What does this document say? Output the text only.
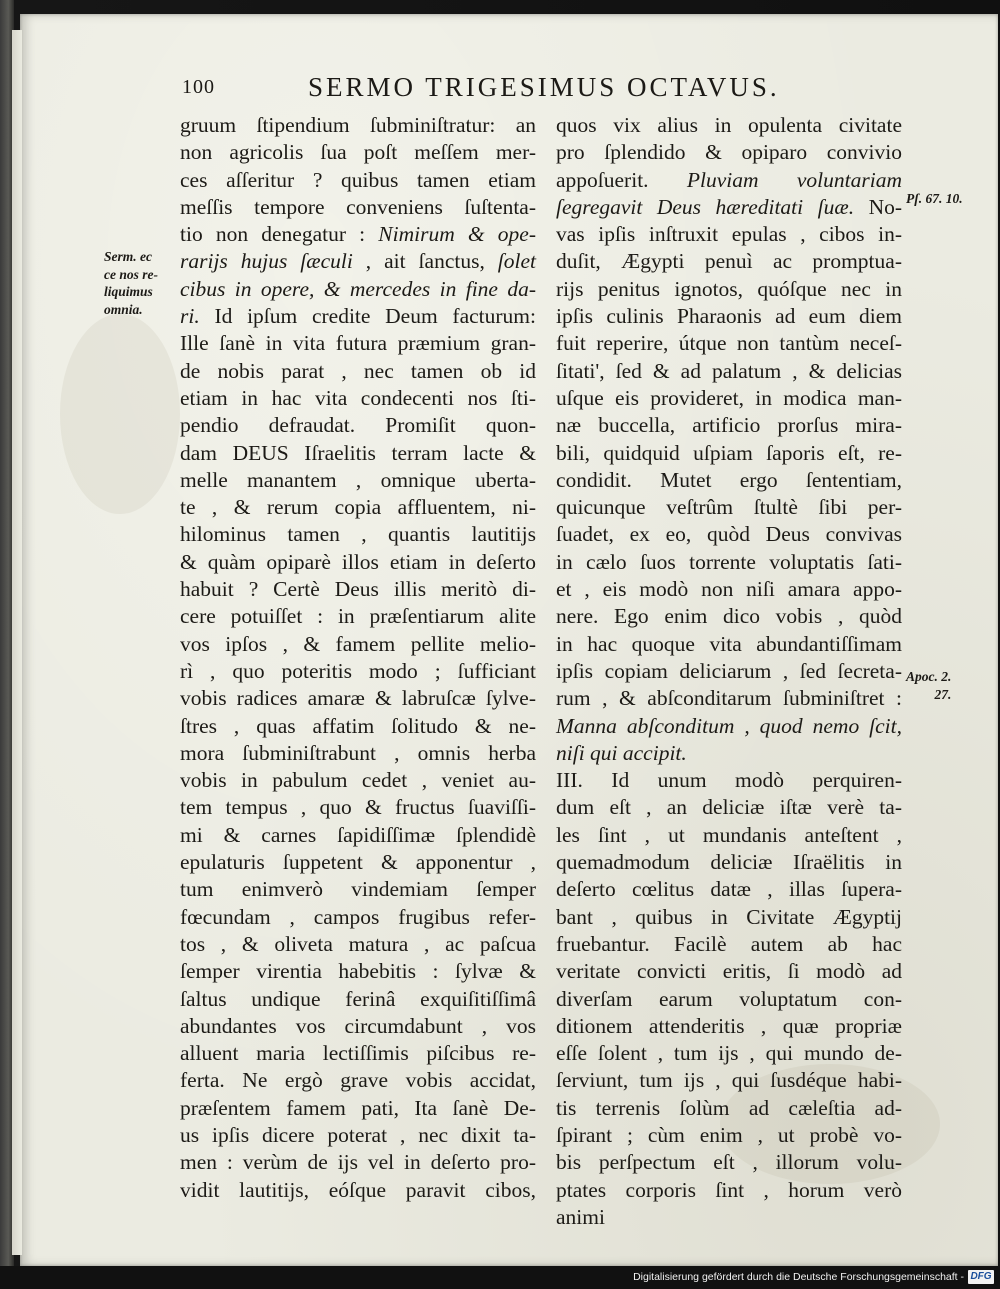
100	SERMO TRIGESIMUS OCTAVUS.
gruum ſtipendium ſubminiſtratur: an
non agricolis ſua poſt meſſem mer-
ces aſſeritur ? quibus tamen etiam
meſſis tempore conveniens ſuſtenta-
tio non denegatur : Nimirum & ope-
rarijs hujus ſæculi , ait ſanctus, ſolet
cibus in opere, & mercedes in fine da-
ri. Id ipſum credite Deum facturum:
Ille ſanè in vita futura præmium gran-
de nobis parat , nec tamen ob id
etiam in hac vita condecenti nos ſti-
pendio defraudat. Promiſit quon-
dam DEUS Iſraelitis terram lacte &
melle manantem , omnique uberta-
te , & rerum copia affluentem, ni-
hilominus tamen , quantis lautitijs
& quàm opiparè illos etiam in deſerto
habuit ? Certè Deus illis meritò di-
cere potuiſſet : in præſentiarum alite
vos ipſos , & famem pellite melio-
rì , quo poteritis modo ; ſufficiant
vobis radices amaræ & labruſcæ ſylve-
ſtres , quas affatim ſolitudo & ne-
mora ſubminiſtrabunt , omnis herba
vobis in pabulum cedet , veniet au-
tem tempus , quo & fructus ſuaviſſi-
mi & carnes ſapidiſſimæ ſplendidè
epulaturis ſuppetent & apponentur ,
tum enimverò vindemiam ſemper
fœcundam , campos frugibus refer-
tos , & oliveta matura , ac paſcua
ſemper virentia habebitis : ſylvæ &
ſaltus undique ferinâ exquiſitiſſimâ
abundantes vos circumdabunt , vos
alluent maria lectiſſimis piſcibus re-
ferta. Ne ergò grave vobis accidat,
præſentem famem pati, Ita ſanè De-
us ipſis dicere poterat , nec dixit ta-
men : verùm de ijs vel in deſerto pro-
vidit lautitijs, eóſque paravit cibos,
quos vix alius in opulenta civitate
pro ſplendido & opiparo convivio
appoſuerit. Pluviam voluntariam
ſegregavit Deus hæreditati ſuæ. No-
vas ipſis inſtruxit epulas , cibos in-
duſit, Ægypti penuì ac promptua-
rijs penitus ignotos, quóſque nec in
ipſis culinis Pharaonis ad eum diem
fuit reperire, útque non tantùm neceſ-
ſitati', ſed & ad palatum , & delicias
uſque eis provideret, in modica man-
næ buccella, artificio prorſus mira-
bili, quidquid uſpiam ſaporis eſt, re-
condidit. Mutet ergo ſententiam,
quicunque veſtrûm ſtultè ſibi per-
ſuadet, ex eo, quòd Deus convivas
in cælo ſuos torrente voluptatis ſati-
et , eis modò non niſi amara appo-
nere. Ego enim dico vobis , quòd
in hac quoque vita abundantiſſimam
ipſis copiam deliciarum , ſed ſecreta-
rum , & abſconditarum ſubminiſtret :
Manna abſconditum , quod nemo ſcit,
niſi qui accipit.
III. Id unum modò perquiren-
dum eſt , an deliciæ iſtæ verè ta-
les ſint , ut mundanis anteſtent ,
quemadmodum deliciæ Iſraëlitis in
deſerto cœlitus datæ , illas ſupera-
bant , quibus in Civitate Ægyptij
fruebantur. Facilè autem ab hac
veritate convicti eritis, ſi modò ad
diverſam earum voluptatum con-
ditionem attenderitis , quæ propriæ
eſſe ſolent , tum ijs , qui mundo de-
ſerviunt, tum ijs , qui ſusdéque habi-
tis terrenis ſolùm ad cæleſtia ad-
ſpirant ; cùm enim , ut probè vo-
bis perſpectum eſt , illorum volu-
ptates corporis ſint , horum verò
animi
Serm. ec
ce nos re-
liquimus
omnia.
Pſ. 67. 10.
Apoc. 2.
27.
Digitalisierung gefördert durch die Deutsche Forschungsgemeinschaft - DFG
